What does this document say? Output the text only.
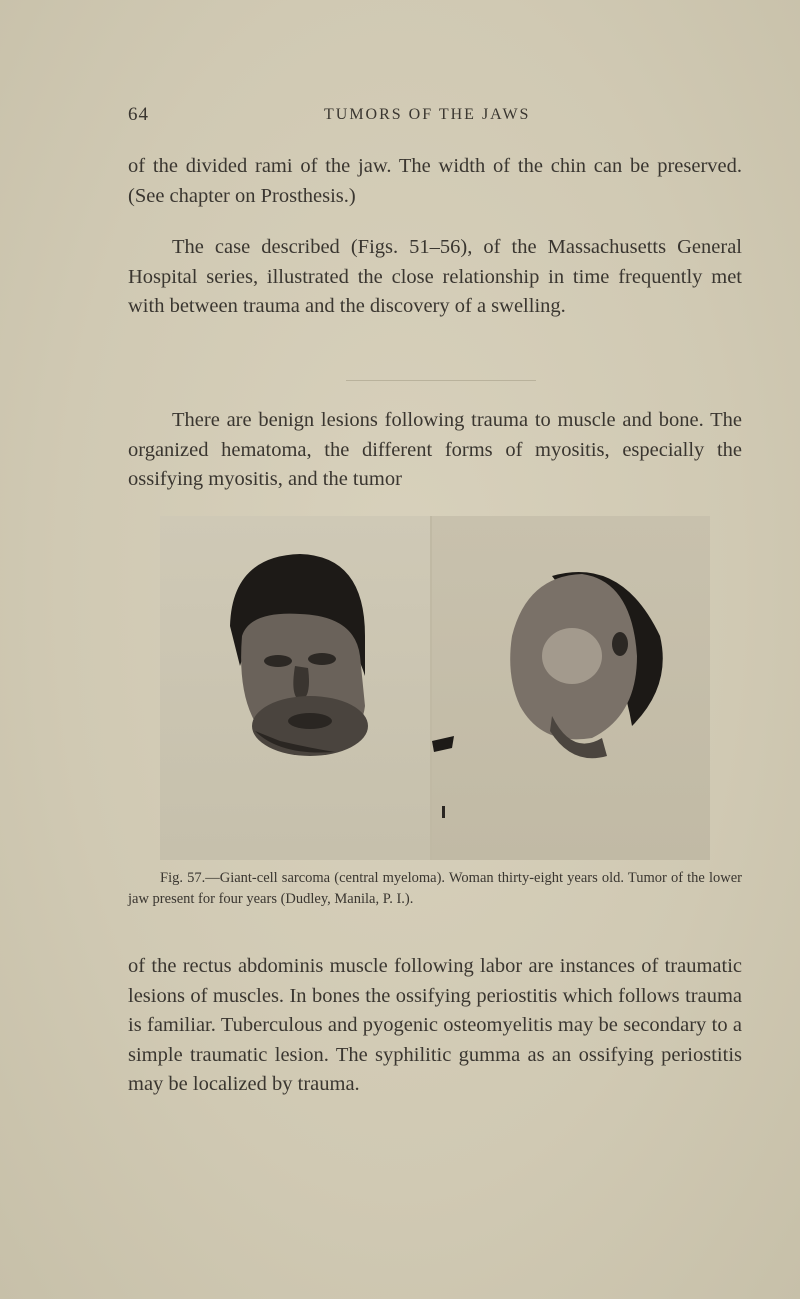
64	TUMORS OF THE JAWS

of the divided rami of the jaw. The width of the chin can be preserved. (See chapter on Prosthesis.)

The case described (Figs. 51–56), of the Massachusetts General Hospital series, illustrated the close relationship in time frequently met with between trauma and the discovery of a swelling.

There are benign lesions following trauma to muscle and bone. The organized hematoma, the different forms of myositis, especially the ossifying myositis, and the tumor

Fig. 57.—Giant-cell sarcoma (central myeloma). Woman thirty-eight years old. Tumor of the lower jaw present for four years (Dudley, Manila, P. I.).

of the rectus abdominis muscle following labor are instances of traumatic lesions of muscles. In bones the ossifying periostitis which follows trauma is familiar. Tuberculous and pyogenic osteomyelitis may be secondary to a simple traumatic lesion. The syphilitic gumma as an ossifying periostitis may be localized by trauma.
